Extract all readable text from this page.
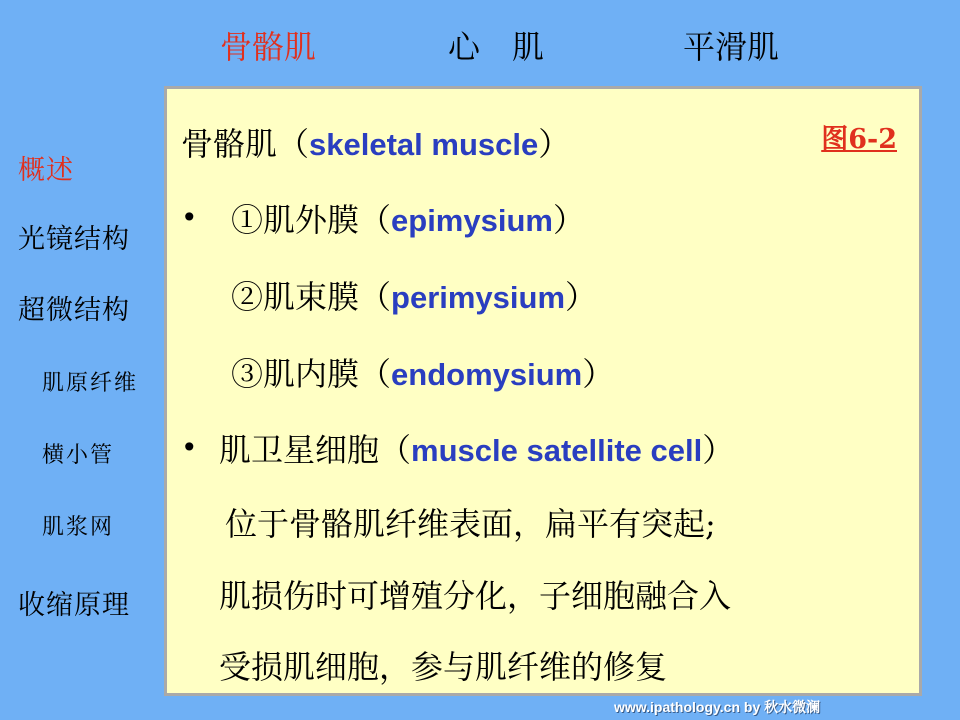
骨骼肌	心　肌	平滑肌
概述
光镜结构
超微结构
肌原纤维
横小管
肌浆网
收缩原理
骨骼肌（skeletal muscle）	图6-2
• ①肌外膜（epimysium）
②肌束膜（perimysium）
③肌内膜（endomysium）
• 肌卫星细胞（muscle satellite cell）
位于骨骼肌纤维表面，扁平有突起;
肌损伤时可增殖分化，子细胞融合入
受损肌细胞，参与肌纤维的修复
www.ipathology.cn by 秋水微澜
